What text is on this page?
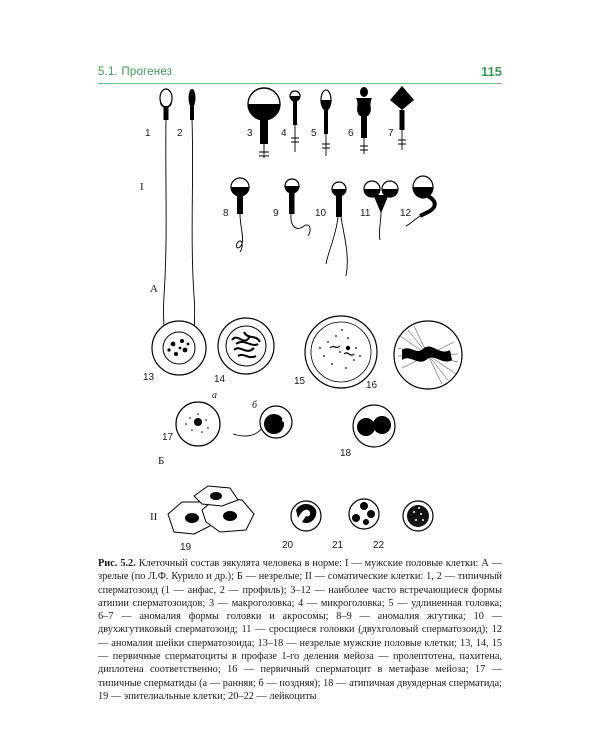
5.1. Прогенез	115
I
А
Б
II
1	2	3	4 5	6	7
8	9	10	11	12
13	14	15	16
17
18
19	20	21	22
а
б
Рис. 5.2. Клеточный состав эякулята человека в норме: I — мужские половые клетки: А — зрелые (по Л.Ф. Курило и др.); Б — незрелые; II — соматические клетки: 1, 2 — типичный сперматозоид (1 — анфас, 2 — профиль); 3–12 — наиболее часто встречающиеся формы атипии сперматозоидов; 3 — макроголовка; 4 — микроголовка; 5 — удлиненная головка; 6–7 — аномалия формы головки и акросомы; 8–9 — аномалия жгутика; 10 — двухжгутиковый сперматозоид; 11 — сросщиеся головки (двухголовый сперматозоид); 12 — аномалия шейки сперматозоида; 13–18 — незрелые мужские половые клетки; 13, 14, 15 — первичные сперматоциты в профазе 1-го деления мейоза — пролептотена, пахитена, диплотена соответственно; 16 — первичный сперматоцит в метафазе мейоза; 17 — типичные сперматиды (а — ранняя; б — поздняя); 18 — атипичная двуядерная сперматида; 19 — эпителиальные клетки; 20–22 — лейкоциты
